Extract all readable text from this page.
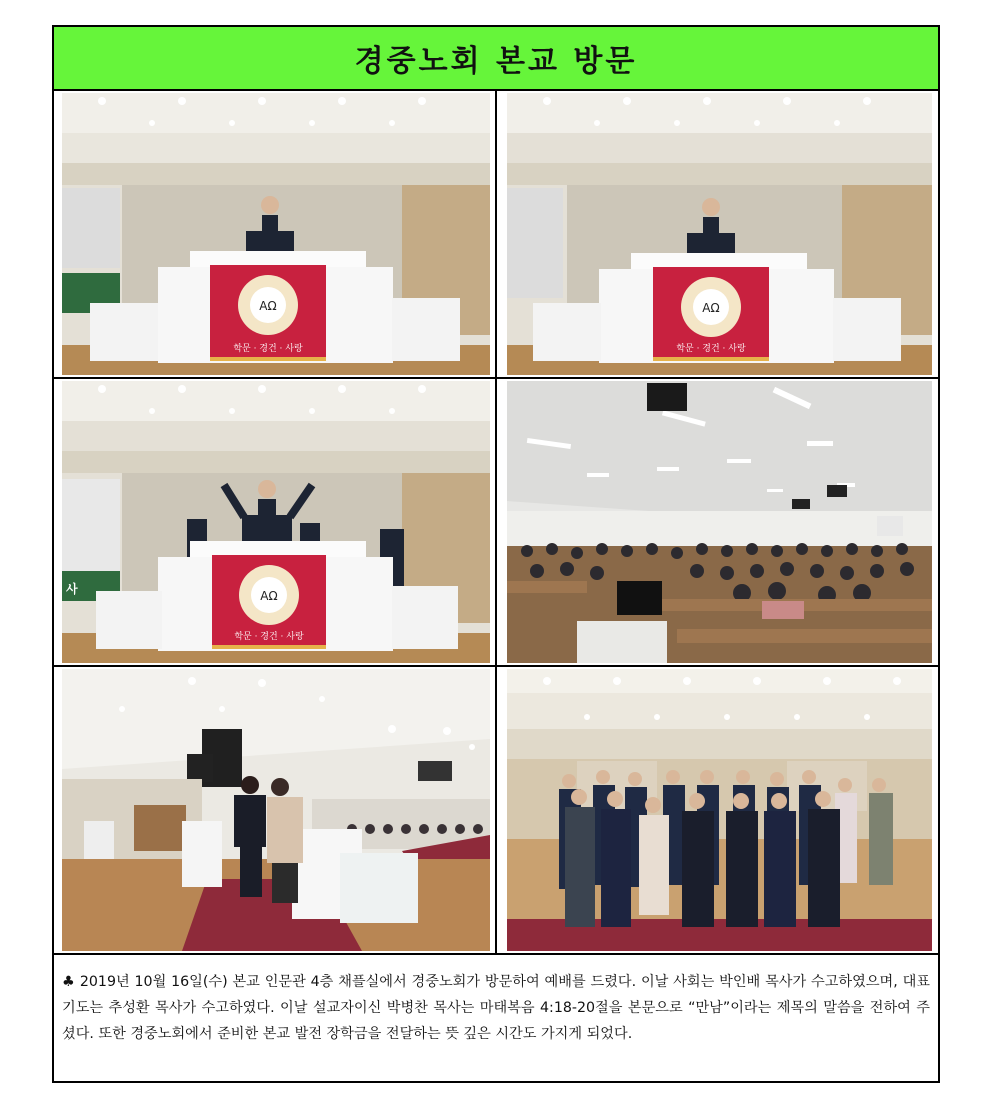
경중노회 본교 방문
AΩ
학문 · 경건 · 사랑
AΩ
학문 · 경건 · 사랑
사	AΩ
학문 · 경건 · 사랑

♣ 2019년 10월 16일(수) 본교 인문관 4층 채플실에서 경중노회가 방문하여 예배를 드렸다. 이날 사회는 박인배 목사가 수고하였으며, 대표기도는 추성환 목사가 수고하였다. 이날 설교자이신 박병찬 목사는 마태복음 4:18-20절을 본문으로 “만남”이라는 제목의 말씀을 전하여 주셨다. 또한 경중노회에서 준비한 본교 발전 장학금을 전달하는 뜻 깊은 시간도 가지게 되었다.
